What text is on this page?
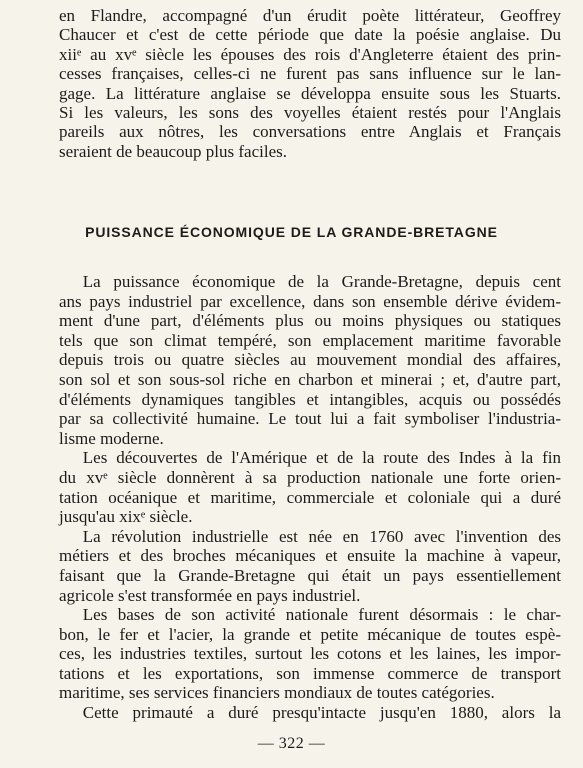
en Flandre, accompagné d'un érudit poète littérateur, Geoffrey
Chaucer et c'est de cette période que date la poésie anglaise. Du
xiiᵉ au xvᵉ siècle les épouses des rois d'Angleterre étaient des prin-
cesses françaises, celles-ci ne furent pas sans influence sur le lan-
gage. La littérature anglaise se développa ensuite sous les Stuarts.
Si les valeurs, les sons des voyelles étaient restés pour l'Anglais
pareils aux nôtres, les conversations entre Anglais et Français
seraient de beaucoup plus faciles.
PUISSANCE ÉCONOMIQUE DE LA GRANDE-BRETAGNE
La puissance économique de la Grande-Bretagne, depuis cent
ans pays industriel par excellence, dans son ensemble dérive évidem-
ment d'une part, d'éléments plus ou moins physiques ou statiques
tels que son climat tempéré, son emplacement maritime favorable
depuis trois ou quatre siècles au mouvement mondial des affaires,
son sol et son sous-sol riche en charbon et minerai ; et, d'autre part,
d'éléments dynamiques tangibles et intangibles, acquis ou possédés
par sa collectivité humaine. Le tout lui a fait symboliser l'industria-
lisme moderne.
Les découvertes de l'Amérique et de la route des Indes à la fin
du xvᵉ siècle donnèrent à sa production nationale une forte orien-
tation océanique et maritime, commerciale et coloniale qui a duré
jusqu'au xixᵉ siècle.
La révolution industrielle est née en 1760 avec l'invention des
métiers et des broches mécaniques et ensuite la machine à vapeur,
faisant que la Grande-Bretagne qui était un pays essentiellement
agricole s'est transformée en pays industriel.
Les bases de son activité nationale furent désormais : le char-
bon, le fer et l'acier, la grande et petite mécanique de toutes espè-
ces, les industries textiles, surtout les cotons et les laines, les impor-
tations et les exportations, son immense commerce de transport
maritime, ses services financiers mondiaux de toutes catégories.
Cette primauté a duré presqu'intacte jusqu'en 1880, alors la
— 322 —
